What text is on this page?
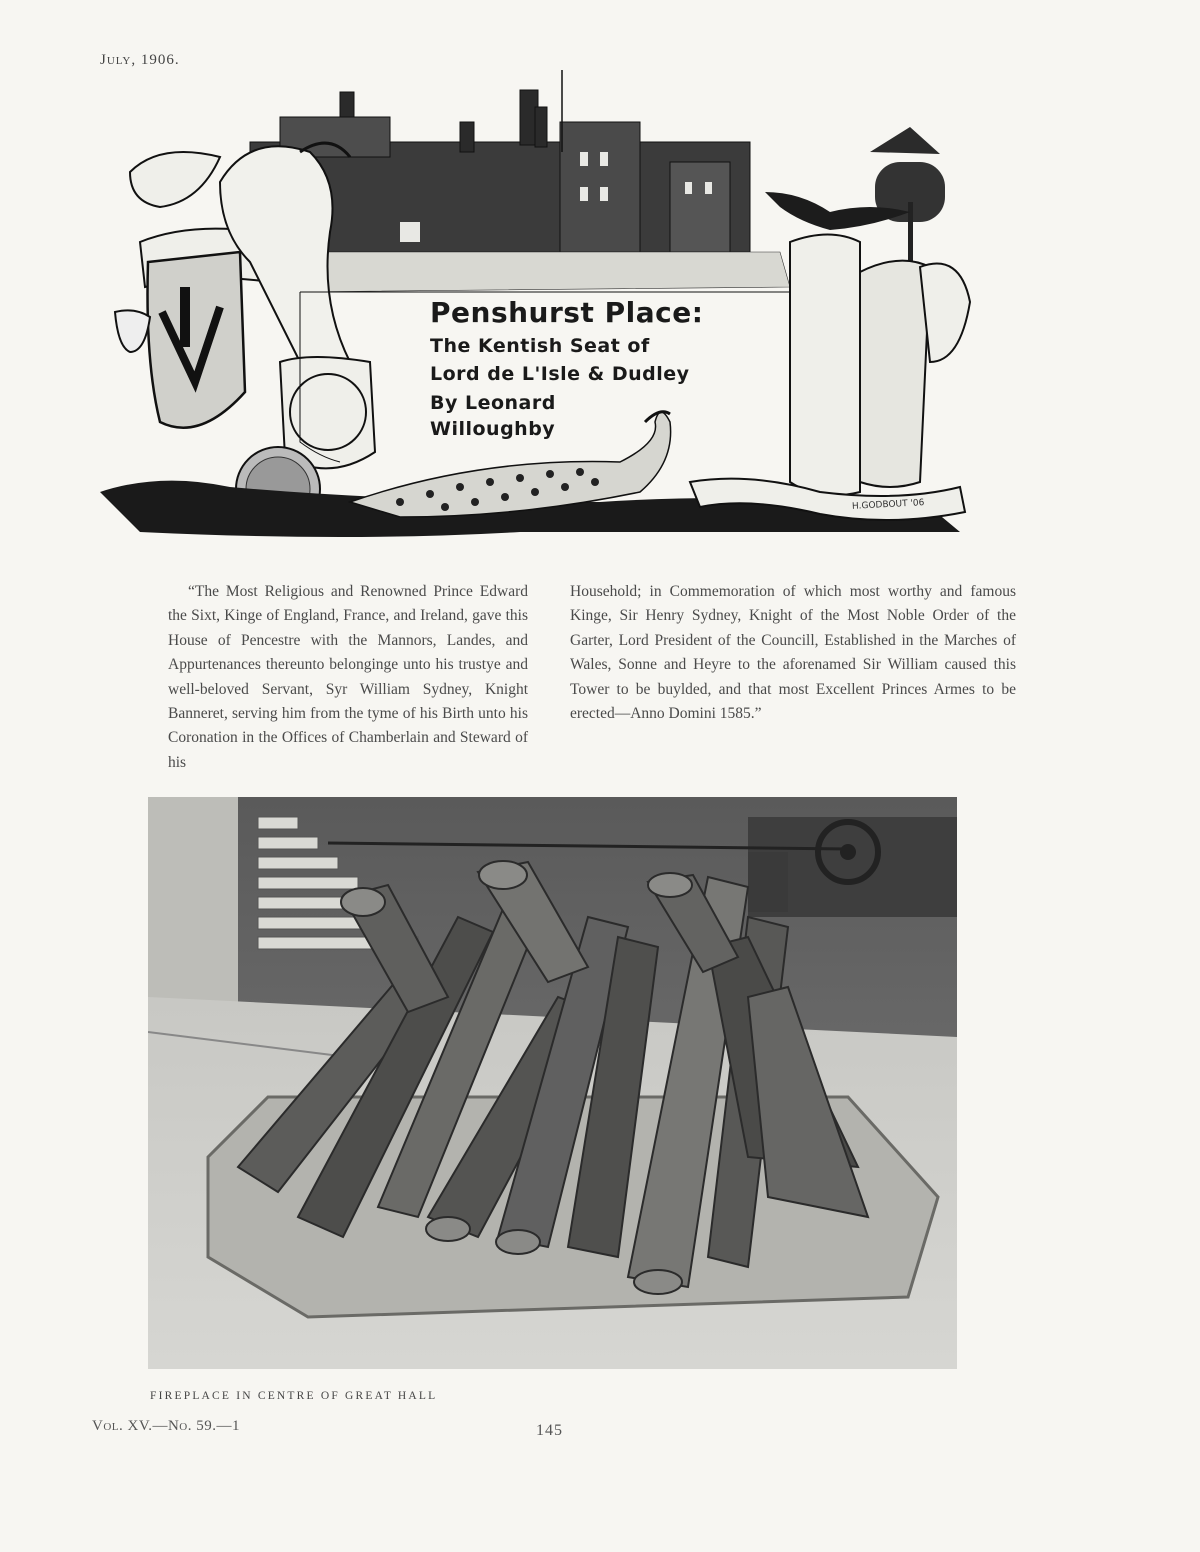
July, 1906.
Penshurst Place:
The Kentish Seat of
Lord de L'Isle & Dudley
By Leonard
Willoughby
H.GODBOUT '06

“The Most Religious and Renowned Prince Edward the Sixt, Kinge of England, France, and Ireland, gave this House of Pencestre with the Mannors, Landes, and Appurtenances thereunto belonginge unto his trustye and well-beloved Servant, Syr William Sydney, Knight Banneret, serving him from the tyme of his Birth unto his Coronation in the Offices of Chamberlain and Steward of his

Household; in Commemoration of which most worthy and famous Kinge, Sir Henry Sydney, Knight of the Most Noble Order of the Garter, Lord President of the Councill, Established in the Marches of Wales, Sonne and Heyre to the aforenamed Sir William caused this Tower to be buylded, and that most Excellent Princes Armes to be erected—Anno Domini 1585.”

FIREPLACE IN CENTRE OF GREAT HALL
Vol. XV.—No. 59.—1	145
